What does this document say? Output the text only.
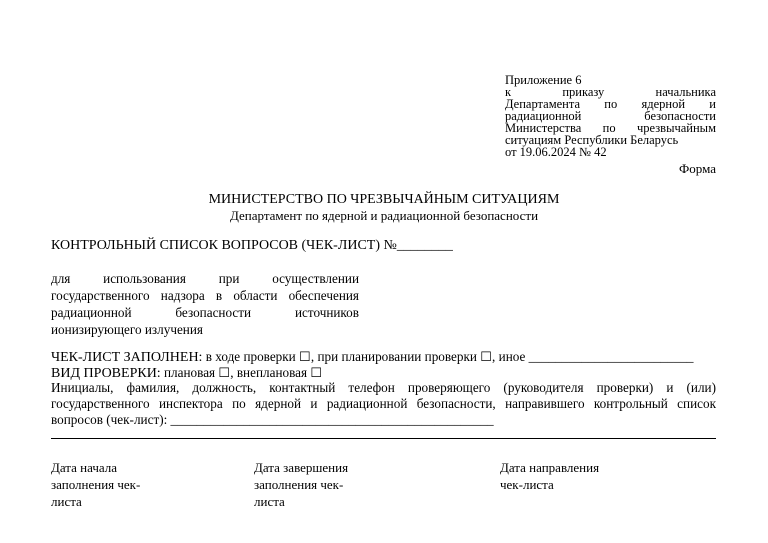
Приложение 6
к приказу начальника
Департамента по ядерной и
радиационной безопасности
Министерства по чрезвычайным
ситуациям Республики Беларусь
от 19.06.2024 № 42
Форма
МИНИСТЕРСТВО ПО ЧРЕЗВЫЧАЙНЫМ СИТУАЦИЯМ
Департамент по ядерной и радиационной безопасности
КОНТРОЛЬНЫЙ СПИСОК ВОПРОСОВ (ЧЕК-ЛИСТ) №________
для использования при осуществлении
государственного надзора в области обеспечения
радиационной безопасности источников
ионизирующего излучения
ЧЕК-ЛИСТ ЗАПОЛНЕН: в ходе проверки ☐, при планировании проверки ☐, иное _________________________
ВИД ПРОВЕРКИ: плановая ☐, внеплановая ☐
Инициалы, фамилия, должность, контактный телефон проверяющего (руководителя проверки) и (или)
государственного инспектора по ядерной и радиационной безопасности, направившего контрольный список
вопросов (чек-лист): _________________________________________________
Дата начала
заполнения чек-
листа
Дата завершения
заполнения чек-
листа
Дата направления
чек-листа
